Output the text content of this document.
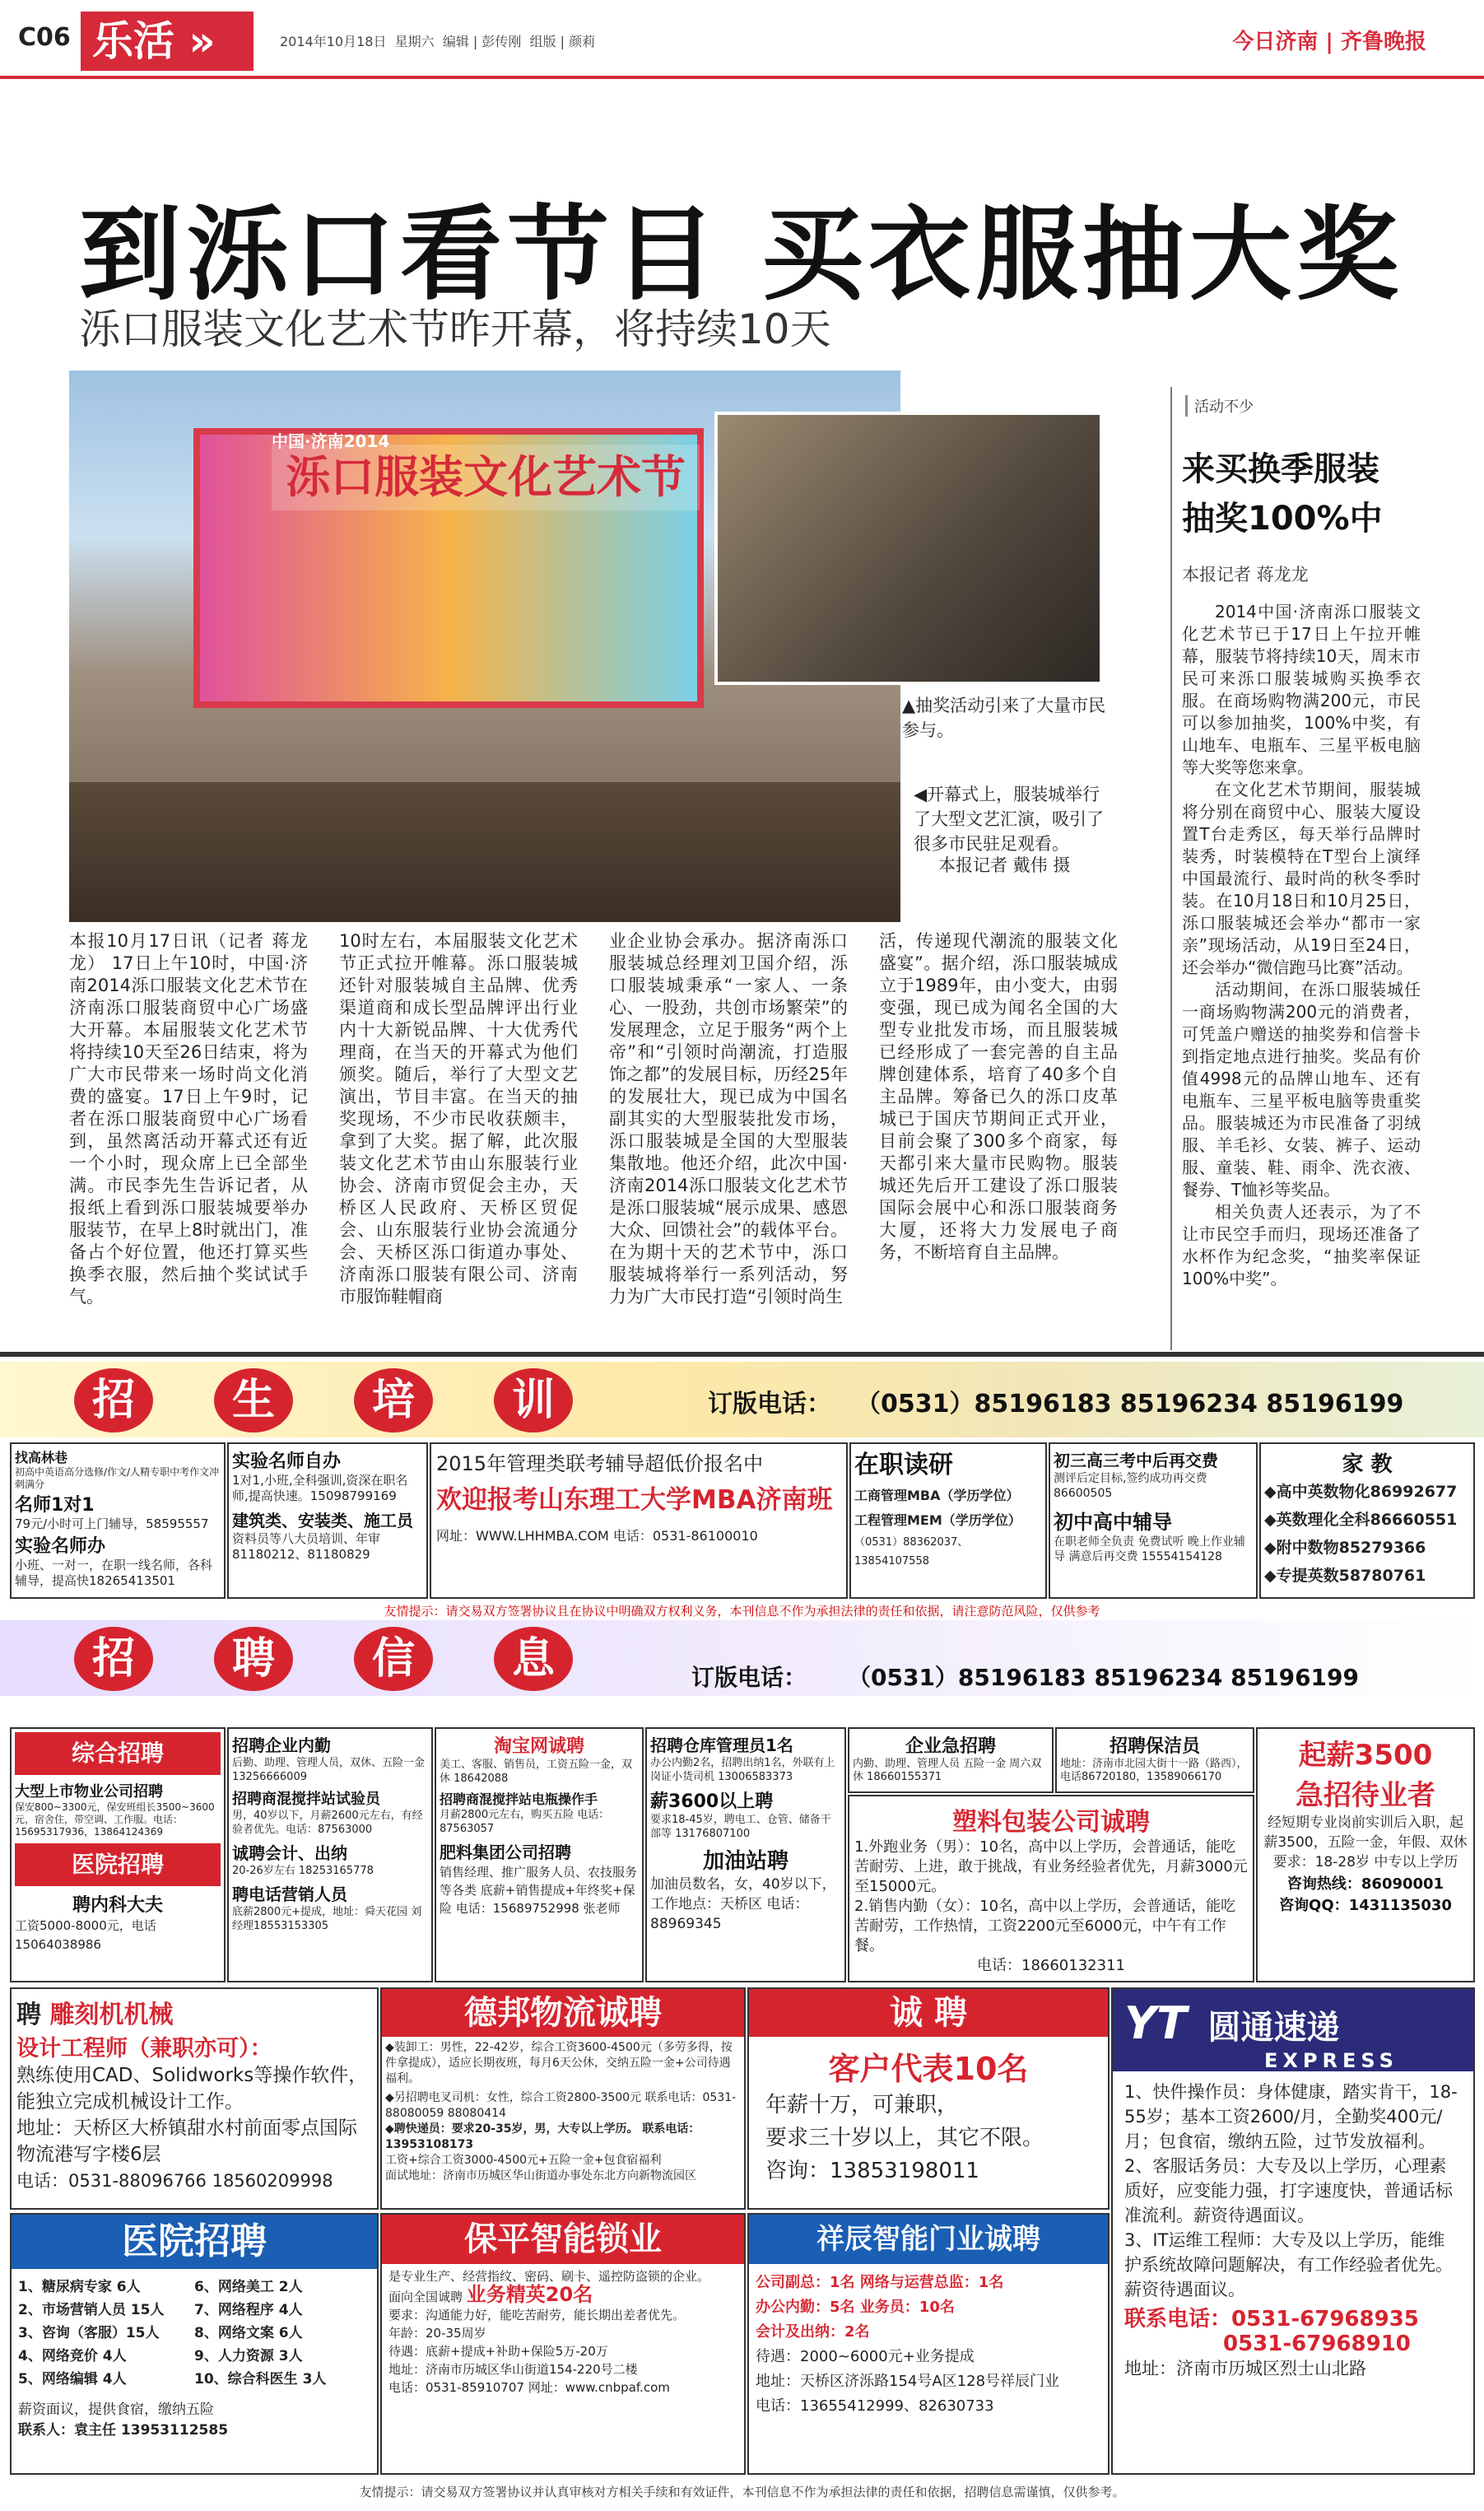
C06 乐活 »	2014年10月18日 星期六 编辑 | 彭传刚 组版 | 颜莉	今日济南 | 齐鲁晚报
到泺口看节目 买衣服抽大奖
泺口服装文化艺术节昨开幕，将持续10天
中国·济南2014
泺口服装文化艺术节
▲抽奖活动引来了大量市民参与。
◀开幕式上，服装城举行了大型文艺汇演，吸引了很多市民驻足观看。
本报记者 戴伟 摄
活动不少
来买换季服装
抽奖100%中
本报记者 蒋龙龙

2014中国·济南泺口服装文化艺术节已于17日上午拉开帷幕，服装节将持续10天，周末市民可来泺口服装城购买换季衣服。在商场购物满200元，市民可以参加抽奖，100%中奖，有山地车、电瓶车、三星平板电脑等大奖等您来拿。

在文化艺术节期间，服装城将分别在商贸中心、服装大厦设置T台走秀区，每天举行品牌时装秀，时装模特在T型台上演绎中国最流行、最时尚的秋冬季时装。在10月18日和10月25日，泺口服装城还会举办“都市一家亲”现场活动，从19日至24日，还会举办“微信跑马比赛”活动。

活动期间，在泺口服装城任一商场购物满200元的消费者，可凭盖户赠送的抽奖券和信誉卡到指定地点进行抽奖。奖品有价值4998元的品牌山地车、还有电瓶车、三星平板电脑等贵重奖品。服装城还为市民准备了羽绒服、羊毛衫、女装、裤子、运动服、童装、鞋、雨伞、洗衣液、餐券、T恤衫等奖品。

相关负责人还表示，为了不让市民空手而归，现场还准备了水杯作为纪念奖，“抽奖率保证100%中奖”。

本报10月17日讯（记者 蒋龙龙） 17日上午10时，中国·济南2014泺口服装文化艺术节在济南泺口服装商贸中心广场盛大开幕。本届服装文化艺术节将持续10天至26日结束，将为广大市民带来一场时尚文化消费的盛宴。17日上午9时，记者在泺口服装商贸中心广场看到，虽然离活动开幕式还有近一个小时，现众席上已全部坐满。市民李先生告诉记者，从报纸上看到泺口服装城要举办服装节，在早上8时就出门，准备占个好位置，他还打算买些换季衣服，然后抽个奖试试手气。
10时左右，本届服装文化艺术节正式拉开帷幕。泺口服装城还针对服装城自主品牌、优秀渠道商和成长型品牌评出行业内十大新锐品牌、十大优秀代理商，在当天的开幕式为他们颁奖。随后，举行了大型文艺演出，节目丰富。在当天的抽奖现场，不少市民收获颇丰，拿到了大奖。据了解，此次服装文化艺术节由山东服装行业协会、济南市贸促会主办，天桥区人民政府、天桥区贸促会、山东服装行业协会流通分会、天桥区泺口街道办事处、济南泺口服装有限公司、济南市服饰鞋帽商
业企业协会承办。据济南泺口服装城总经理刘卫国介绍，泺口服装城秉承“一家人、一条心、一股劲，共创市场繁荣”的发展理念，立足于服务“两个上帝”和“引领时尚潮流，打造服饰之都”的发展目标，历经25年的发展壮大，现已成为中国名副其实的大型服装批发市场，泺口服装城是全国的大型服装集散地。他还介绍，此次中国·济南2014泺口服装文化艺术节是泺口服装城“展示成果、感恩大众、回馈社会”的载体平台。在为期十天的艺术节中，泺口服装城将举行一系列活动，努力为广大市民打造“引领时尚生
活，传递现代潮流的服装文化盛宴”。据介绍，泺口服装城成立于1989年，由小变大，由弱变强，现已成为闻名全国的大型专业批发市场，而且服装城已经形成了一套完善的自主品牌创建体系，培育了40多个自主品牌。筹备已久的泺口皮革城已于国庆节期间正式开业，目前会聚了300多个商家，每天都引来大量市民购物。服装城还先后开工建设了泺口服装国际会展中心和泺口服装商务大厦，还将大力发展电子商务，不断培育自主品牌。
招	生	培	训	订版电话： （0531）85196183 85196234 85196199
找高林巷
初高中英语高分选修/作文/人精专职中考作文冲刺满分
名师1对1
79元/小时可上门辅导，58595557
实验名师办
小班、一对一，在职一线名师，各科辅导，提高快18265413501
实验名师自办
1对1,小班,全科强训,资深在职名师,提高快速。15098799169
建筑类、安装类、施工员
资料员等八大员培训、年审 81180212、81180829
2015年管理类联考辅导超低价报名中
欢迎报考山东理工大学MBA济南班
网址：WWW.LHHMBA.COM 电话：0531-86100010
在职读研
工商管理MBA（学历学位）
工程管理MEM（学历学位）
（0531）88362037、13854107558
初三高三考中后再交费
测评后定目标,签约成功再交费 86600505
初中高中辅导
在职老师全负责 免费试听 晚上作业辅导 满意后再交费 15554154128
家 教
◆高中英数物化86992677
◆英数理化全科86660551
◆附中数物85279366
◆专提英数58780761
友情提示：请交易双方签署协议且在协议中明确双方权利义务，本刊信息不作为承担法律的责任和依据，请注意防范风险，仅供参考
招	聘	信	息	订版电话： （0531）85196183 85196234 85196199
综合招聘
大型上市物业公司招聘
保安800~3300元，保安班组长3500~3600元，宿舍住，带空调、工作服。电话：15695317936，13864124369
医院招聘
聘内科大夫
工资5000-8000元，电话15064038986
招聘企业内勤
后勤、助理、管理人员，双休、五险一金 13256666009
招聘商混搅拌站试验员
男，40岁以下，月薪2600元左右，有经验者优先。电话：87563000
诚聘会计、出纳
20-26岁左右 18253165778
聘电话营销人员
底薪2800元+提成，地址：舜天花园 刘经理18553153305
淘宝网诚聘
美工、客服、销售员，工资五险一金，双休 18642088
招聘商混搅拌站电瓶操作手
月薪2800元左右，购买五险 电话：87563057
肥料集团公司招聘
销售经理、推广服务人员、农技服务等各类 底薪+销售提成+年终奖+保险 电话：15689752998 张老师
招聘仓库管理员1名
办公内勤2名，招聘出纳1名，外联有上岗证小货司机 13006583373
薪3600以上聘
要求18-45岁，聘电工、仓管、储备干部等 13176807100
加油站聘
加油员数名，女，40岁以下，工作地点：天桥区 电话：88969345
企业急招聘
内勤、助理、管理人员 五险一金 周六双休 18660155371
招聘保洁员
地址：济南市北园大街十一路（路西），电话86720180，13589066170
塑料包装公司诚聘
1.外跑业务（男）：10名，高中以上学历，会普通话，能吃苦耐劳、上进，敢于挑战，有业务经验者优先，月薪3000元至15000元。
2.销售内勤（女）：10名，高中以上学历，会普通话，能吃苦耐劳，工作热情，工资2200元至6000元，中午有工作餐。
电话：18660132311
起薪3500
急招待业者
经短期专业岗前实训后入职，起薪3500，五险一金，年假、双休 要求：18-28岁 中专以上学历
咨询热线：86090001
咨询QQ：1431135030
聘 雕刻机机械
设计工程师（兼职亦可）：
熟练使用CAD、Solidworks等操作软件，能独立完成机械设计工作。
地址：天桥区大桥镇甜水村前面零点国际物流港写字楼6层
电话：0531-88096766 18560209998
德邦物流诚聘
◆装卸工：男性，22-42岁，综合工资3600-4500元（多劳多得，按件拿提成），适应长期夜班，每月6天公休，交纳五险一金+公司待遇福利。
◆另招聘电叉司机：女性，综合工资2800-3500元 联系电话：0531-88080059 88080414
◆聘快递员：要求20-35岁，男，大专以上学历。 联系电话：13953108173
工资+综合工资3000-4500元+五险一金+包食宿福利
面试地址：济南市历城区华山街道办事处东北方向新物流园区
诚 聘
客户代表10名
年薪十万，可兼职，
要求三十岁以上，其它不限。
咨询：13853198011
YT 圆通速递
EXPRESS
1、快件操作员：身体健康，踏实肯干，18-55岁；基本工资2600/月，全勤奖400元/月；包食宿，缴纳五险，过节发放福利。
2、客服话务员：大专及以上学历，心理素质好，应变能力强，打字速度快，普通话标准流利。薪资待遇面议。
3、IT运维工程师：大专及以上学历，能维护系统故障问题解决，有工作经验者优先。薪资待遇面议。
联系电话：0531-67968935
0531-67968910
地址：济南市历城区烈士山北路
医院招聘
1、糖尿病专家 6人
2、市场营销人员 15人
3、咨询（客服）15人
4、网络竞价 4人
5、网络编辑 4人
6、网络美工 2人
7、网络程序 4人
8、网络文案 6人
9、人力资源 3人
10、综合科医生 3人
薪资面议，提供食宿，缴纳五险
联系人：袁主任 13953112585
保平智能锁业
是专业生产、经营指纹、密码、刷卡、遥控防盗锁的企业。
面向全国诚聘 业务精英20名
要求：沟通能力好，能吃苦耐劳，能长期出差者优先。
年龄：20-35周岁
待遇：底薪+提成+补助+保险5万-20万
地址：济南市历城区华山街道154-220号二楼
电话：0531-85910707 网址：www.cnbpaf.com
祥辰智能门业诚聘
公司副总：1名 网络与运营总监：1名
办公内勤：5名 业务员：10名
会计及出纳：2名
待遇：2000~6000元+业务提成
地址：天桥区济泺路154号A区128号祥辰门业
电话：13655412999、82630733
友情提示：请交易双方签署协议并认真审核对方相关手续和有效证件，本刊信息不作为承担法律的责任和依据，招聘信息需谨慎，仅供参考。
